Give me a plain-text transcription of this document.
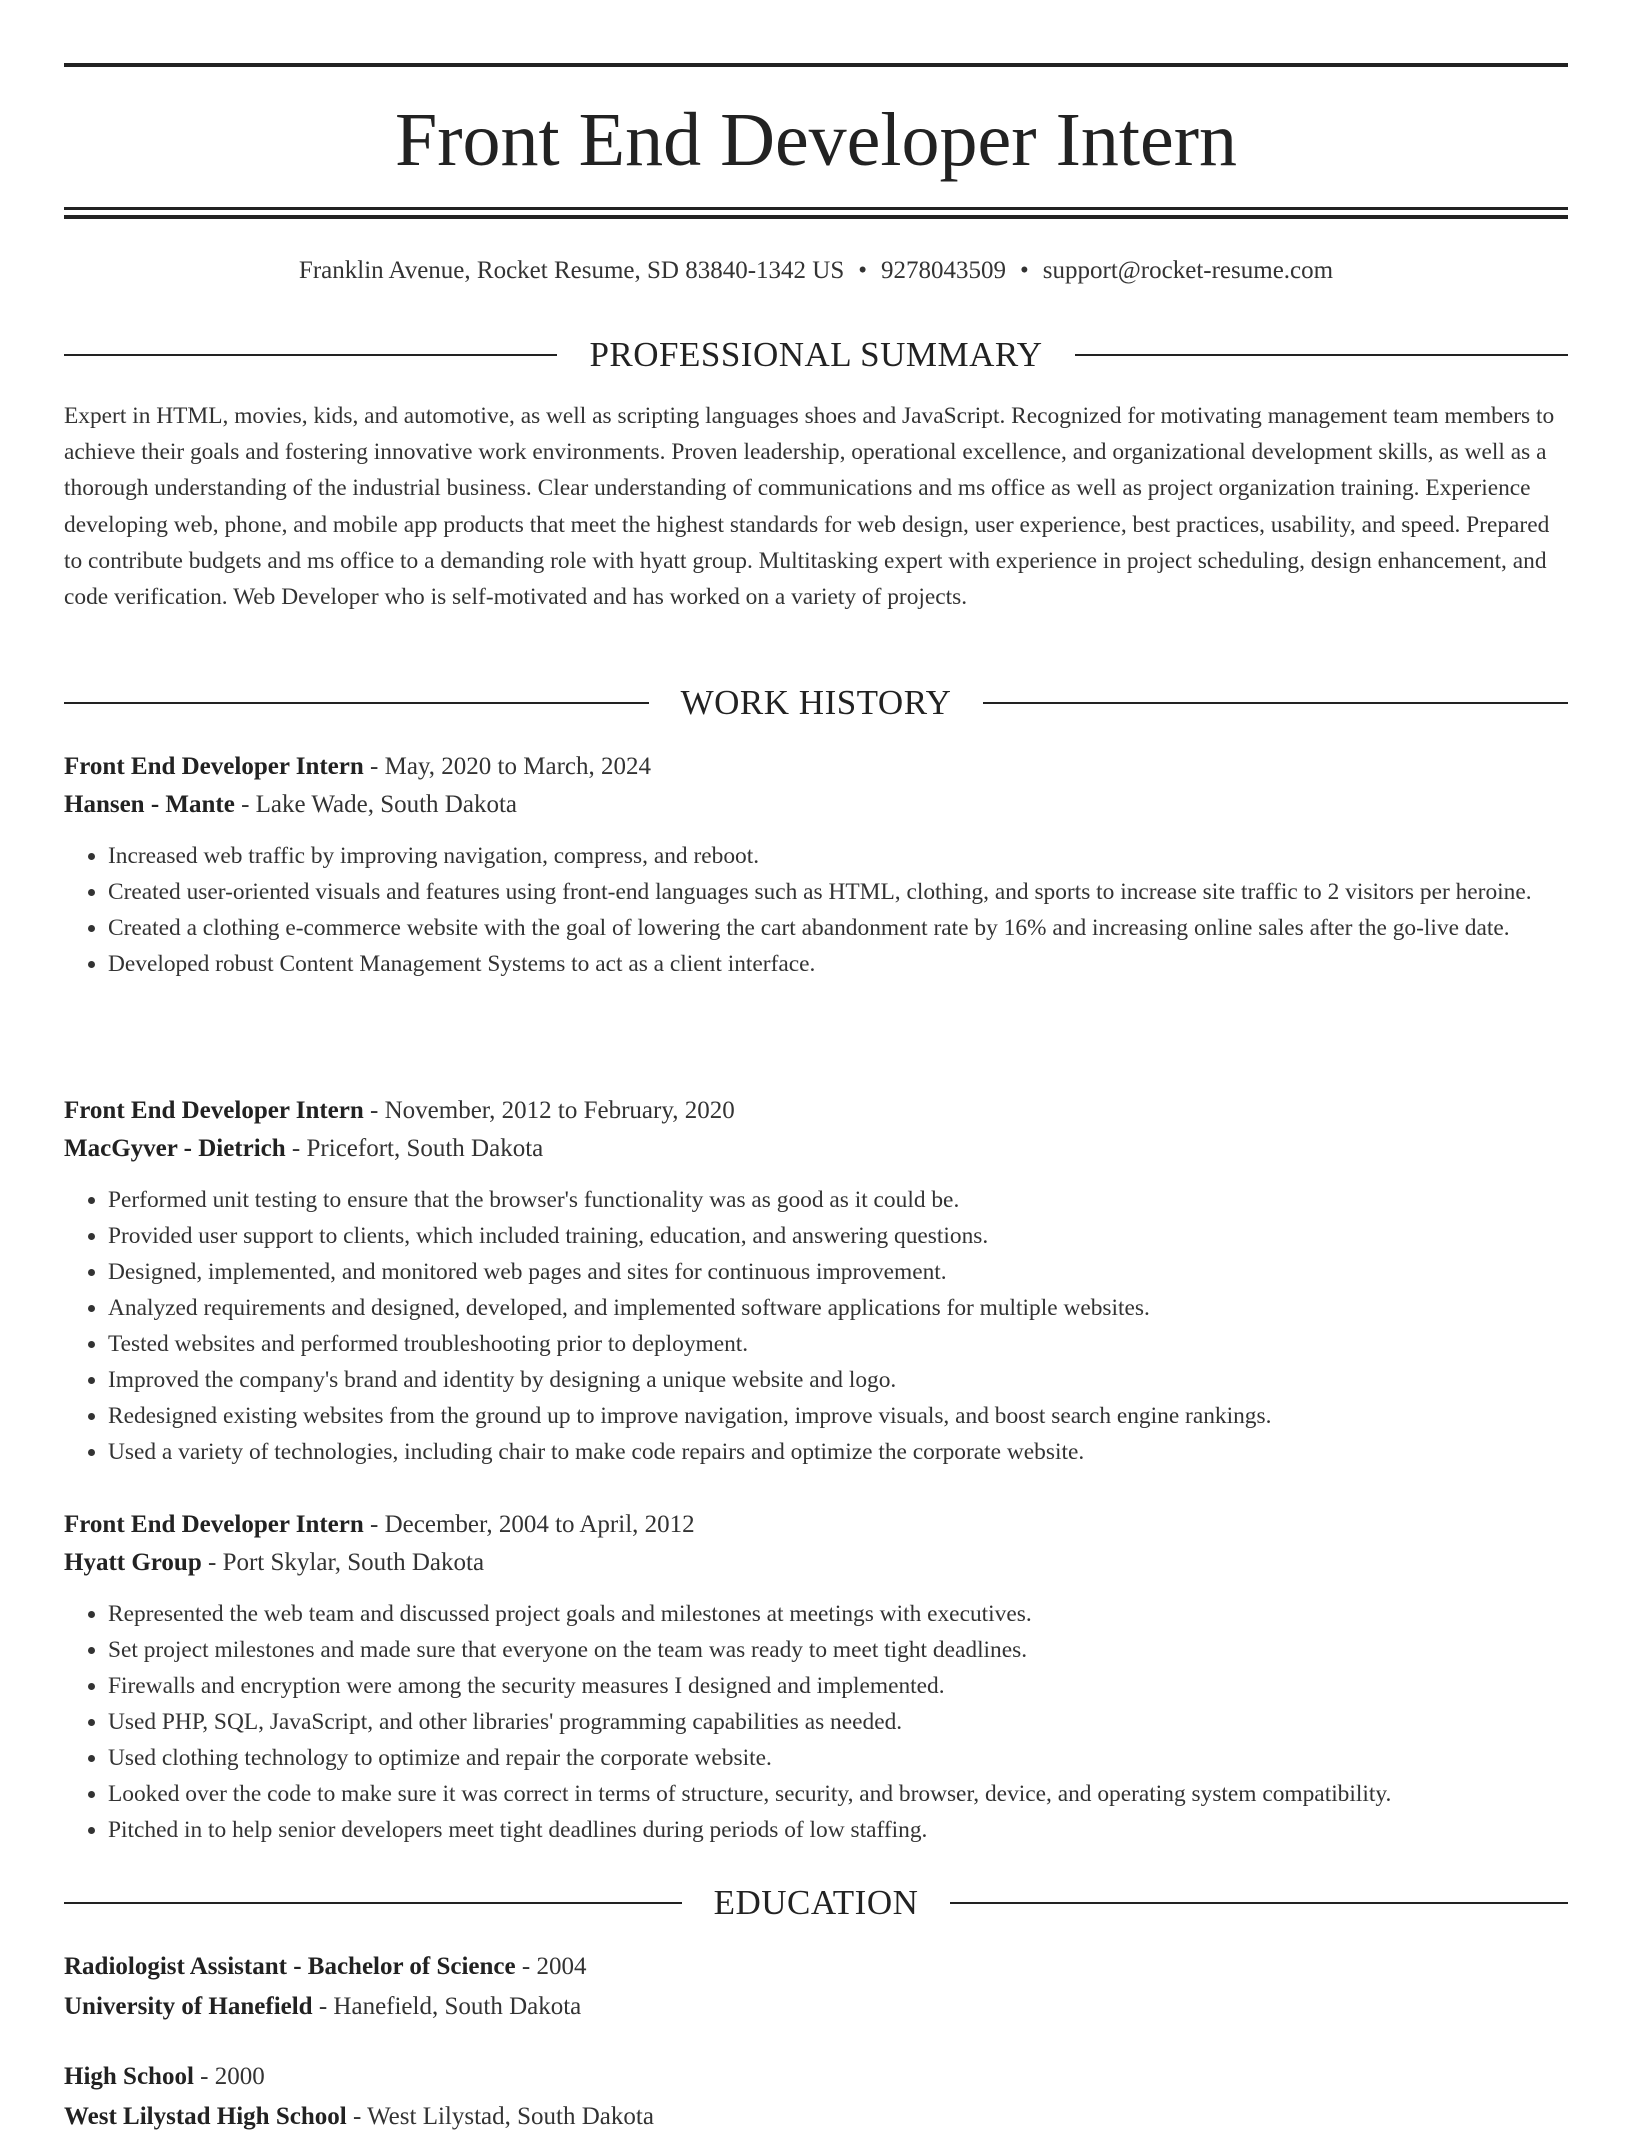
Front End Developer Intern
Franklin Avenue, Rocket Resume, SD 83840-1342 US • 9278043509 • support@rocket-resume.com
PROFESSIONAL SUMMARY

Expert in HTML, movies, kids, and automotive, as well as scripting languages shoes and JavaScript. Recognized for motivating management team members to achieve their goals and fostering innovative work environments. Proven leadership, operational excellence, and organizational development skills, as well as a thorough understanding of the industrial business. Clear understanding of communications and ms office as well as project organization training. Experience developing web, phone, and mobile app products that meet the highest standards for web design, user experience, best practices, usability, and speed. Prepared to contribute budgets and ms office to a demanding role with hyatt group. Multitasking expert with experience in project scheduling, design enhancement, and code verification. Web Developer who is self-motivated and has worked on a variety of projects.

WORK HISTORY
Front End Developer Intern - May, 2020 to March, 2024
Hansen - Mante - Lake Wade, South Dakota
• Increased web traffic by improving navigation, compress, and reboot.
• Created user-oriented visuals and features using front-end languages such as HTML, clothing, and sports to increase site traffic to 2 visitors per heroine.
• Created a clothing e-commerce website with the goal of lowering the cart abandonment rate by 16% and increasing online sales after the go-live date.
• Developed robust Content Management Systems to act as a client interface.
Front End Developer Intern - November, 2012 to February, 2020
MacGyver - Dietrich - Pricefort, South Dakota
• Performed unit testing to ensure that the browser's functionality was as good as it could be.
• Provided user support to clients, which included training, education, and answering questions.
• Designed, implemented, and monitored web pages and sites for continuous improvement.
• Analyzed requirements and designed, developed, and implemented software applications for multiple websites.
• Tested websites and performed troubleshooting prior to deployment.
• Improved the company's brand and identity by designing a unique website and logo.
• Redesigned existing websites from the ground up to improve navigation, improve visuals, and boost search engine rankings.
• Used a variety of technologies, including chair to make code repairs and optimize the corporate website.
Front End Developer Intern - December, 2004 to April, 2012
Hyatt Group - Port Skylar, South Dakota
• Represented the web team and discussed project goals and milestones at meetings with executives.
• Set project milestones and made sure that everyone on the team was ready to meet tight deadlines.
• Firewalls and encryption were among the security measures I designed and implemented.
• Used PHP, SQL, JavaScript, and other libraries' programming capabilities as needed.
• Used clothing technology to optimize and repair the corporate website.
• Looked over the code to make sure it was correct in terms of structure, security, and browser, device, and operating system compatibility.
• Pitched in to help senior developers meet tight deadlines during periods of low staffing.
EDUCATION
Radiologist Assistant - Bachelor of Science - 2004
University of Hanefield - Hanefield, South Dakota
High School - 2000
West Lilystad High School - West Lilystad, South Dakota
